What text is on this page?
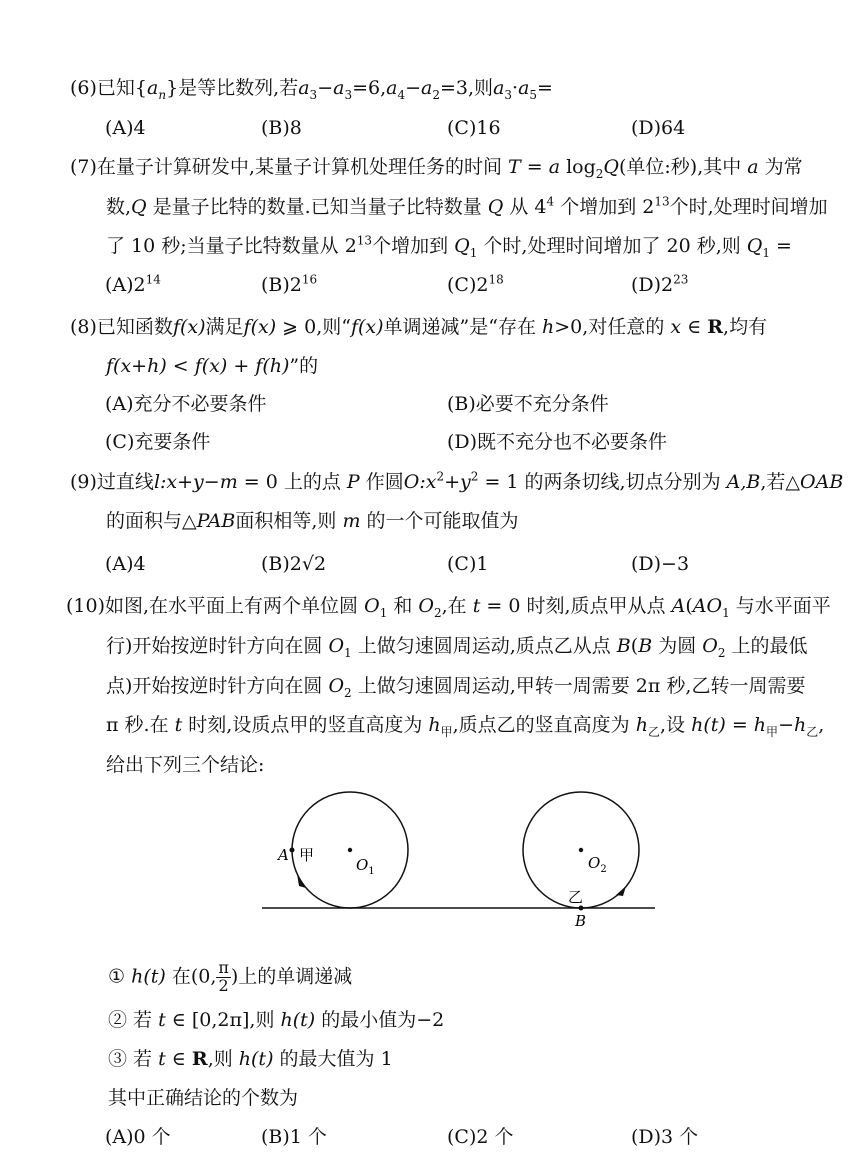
(6)已知$\{a_n\}$是等比数列,若$a_3-a_3=6,a_4-a_2=3$,则$a_3\cdot a_5=$
(A)4	(B)8	(C)16	(D)64
(7)在量子计算研发中,某量子计算机处理任务的时间 T = a $\log_2Q$(单位:秒),其中 a 为常
数,Q 是量子比特的数量.已知当量子比特数量 Q 从 $4^4$ 个增加到 $2^{13}$个时,处理时间增加
了 10 秒;当量子比特数量从 $2^{13}$个增加到 $Q_1$ 个时,处理时间增加了 20 秒,则 $Q_1$ =
$(A)2^{14}$	$(B)2^{16}$	$(C)2^{18}$	$(D)2^{23}$
(8)已知函数f(x)满足f(x) ⩾ 0,则“f(x)单调递减”是“存在 h>0,对任意的 x ∈ R,均有
f(x+h) < f(x) + f(h)”的
(A)充分不必要条件	(B)必要不充分条件
(C)充要条件	(D)既不充分也不必要条件
(9)过直线l:x+y−m = 0 上的点 P 作圆$O:x^2+y^2 = 1$ 的两条切线,切点分别为 A,B,若△OAB
的面积与△PAB面积相等,则 m 的一个可能取值为
(A)4	(B)2√2	(C)1	(D)−3
(10)如图,在水平面上有两个单位圆 $O_1$ 和 $O_2$,在 t = 0 时刻,质点甲从点 $A(AO_1$ 与水平面平
行)开始按逆时针方向在圆 $O_1$ 上做匀速圆周运动,质点乙从点 B(B 为圆 $O_2$ 上的最低
点)开始按逆时针方向在圆 $O_2$ 上做匀速圆周运动,甲转一周需要 2π 秒,乙转一周需要
π 秒.在 t 时刻,设质点甲的竖直高度为 $h_甲$,质点乙的竖直高度为 $h_乙$,设 $h(t) = h_甲-h_乙$,
给出下列三个结论:
A 甲
$O_1$	$O_2$
乙
B
① h(t) 在(0, $\frac{\pi}{2}$ )上的单调递减
② 若 t ∈ [0,2π],则 h(t) 的最小值为−2
③ 若 t ∈ R,则 h(t) 的最大值为 1
其中正确结论的个数为
(A)0 个	(B)1 个	(C)2 个	(D)3 个
